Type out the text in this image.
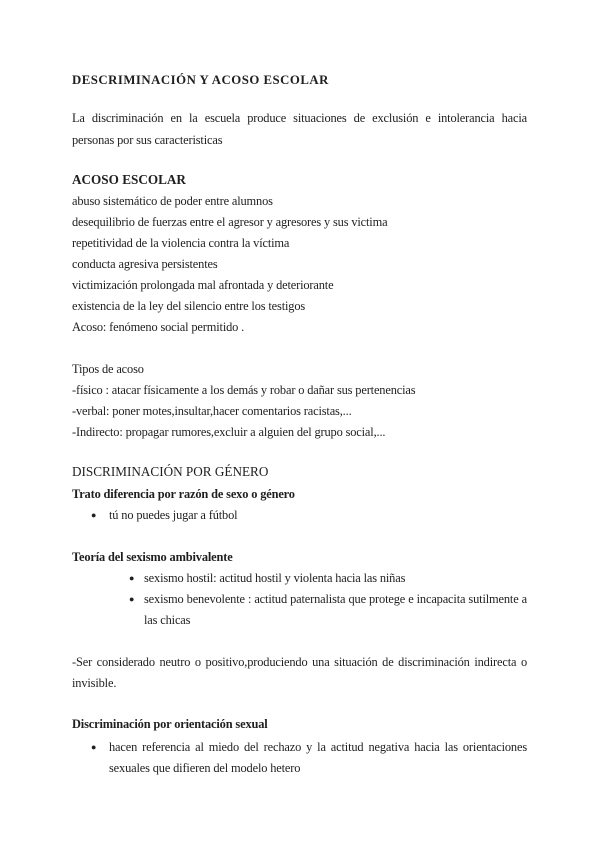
DESCRIMINACIÓN Y ACOSO ESCOLAR
La discriminación en la escuela produce situaciones de exclusión e intolerancia hacia
personas por sus caracteristicas
ACOSO ESCOLAR
abuso sistemático de poder entre alumnos
desequilibrio de fuerzas entre el agresor y agresores y sus victima
repetitividad de la violencia contra la víctima
conducta agresiva persistentes
victimización prolongada mal afrontada y deteriorante
existencia de la ley del silencio entre los testigos
Acoso: fenómeno social permitido .
Tipos de acoso
-físico : atacar físicamente a los demás y robar o dañar sus pertenencias
-verbal: poner motes,insultar,hacer comentarios racistas,...
-Indirecto: propagar rumores,excluir a alguien del grupo social,...
DISCRIMINACIÓN POR GÉNERO
Trato diferencia por razón de sexo o género
● tú no puedes jugar a fútbol
Teoría del sexismo ambivalente
● sexismo hostil: actitud hostil y violenta hacia las niñas
● sexismo benevolente : actitud paternalista que protege e incapacita sutilmente a las chicas
-Ser considerado neutro o positivo,produciendo una situación de discriminación indirecta o
invisible.
Discriminación por orientación sexual
● hacen referencia al miedo del rechazo y la actitud negativa hacia las orientaciones sexuales que difieren del modelo hetero
